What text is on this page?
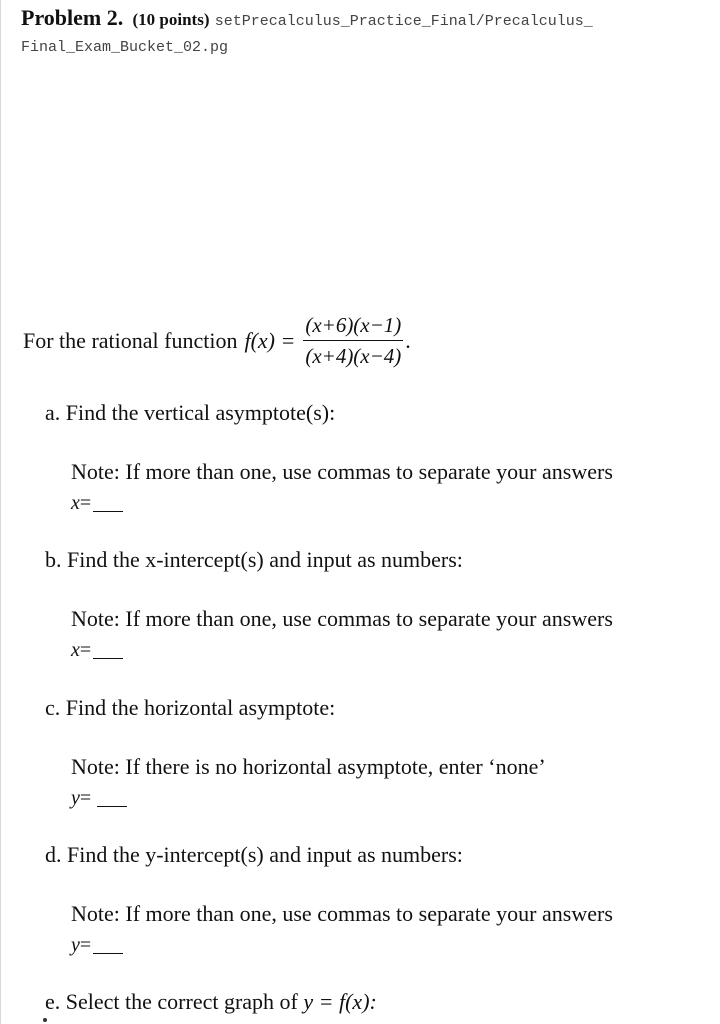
Problem 2. (10 points) setPrecalculus_Practice_Final/Precalculus_
Final_Exam_Bucket_02.pg
For the rational function $f(x) = \frac{(x+6)(x-1)}{(x+4)(x-4)}$ .
a. Find the vertical asymptote(s):
Note: If more than one, use commas to separate your answers
x =
b. Find the x-intercept(s) and input as numbers:
Note: If more than one, use commas to separate your answers
x =
c. Find the horizontal asymptote:
Note: If there is no horizontal asymptote, enter ‘none’
y =
d. Find the y-intercept(s) and input as numbers:
Note: If more than one, use commas to separate your answers
y =
e. Select the correct graph of y = f(x):
